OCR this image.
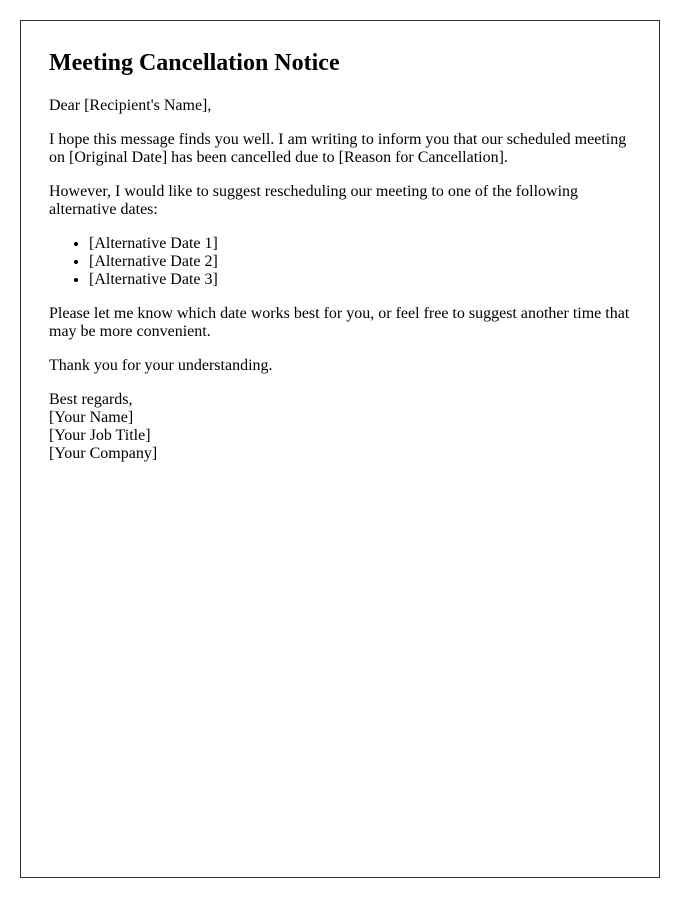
Meeting Cancellation Notice

Dear [Recipient's Name],

I hope this message finds you well. I am writing to inform you that our scheduled meeting on [Original Date] has been cancelled due to [Reason for Cancellation].

However, I would like to suggest rescheduling our meeting to one of the following alternative dates:

• [Alternative Date 1]
• [Alternative Date 2]
• [Alternative Date 3]

Please let me know which date works best for you, or feel free to suggest another time that may be more convenient.

Thank you for your understanding.

Best regards,
[Your Name]
[Your Job Title]
[Your Company]
